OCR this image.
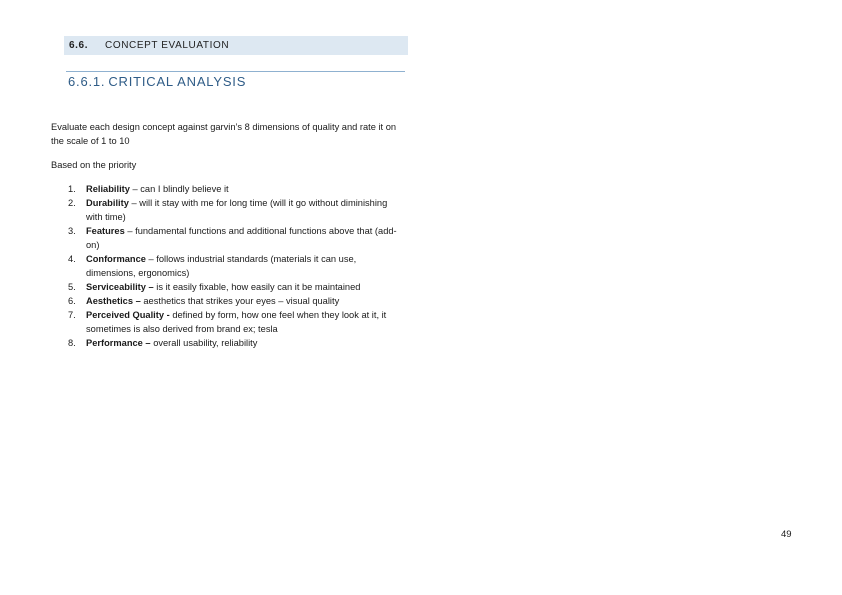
6.6.	CONCEPT EVALUATION
6.6.1. CRITICAL ANALYSIS

Evaluate each design concept against garvin’s 8 dimensions of quality and rate it on the scale of 1 to 10

Based on the priority

1. Reliability – can I blindly believe it
2. Durability – will it stay with me for long time (will it go without diminishing with time)
3. Features – fundamental functions and additional functions above that (add-on)
4. Conformance – follows industrial standards (materials it can use, dimensions, ergonomics)
5. Serviceability – is it easily fixable, how easily can it be maintained
6. Aesthetics – aesthetics that strikes your eyes – visual quality
7. Perceived Quality - defined by form, how one feel when they look at it, it sometimes is also derived from brand ex; tesla
8. Performance – overall usability, reliability
49
